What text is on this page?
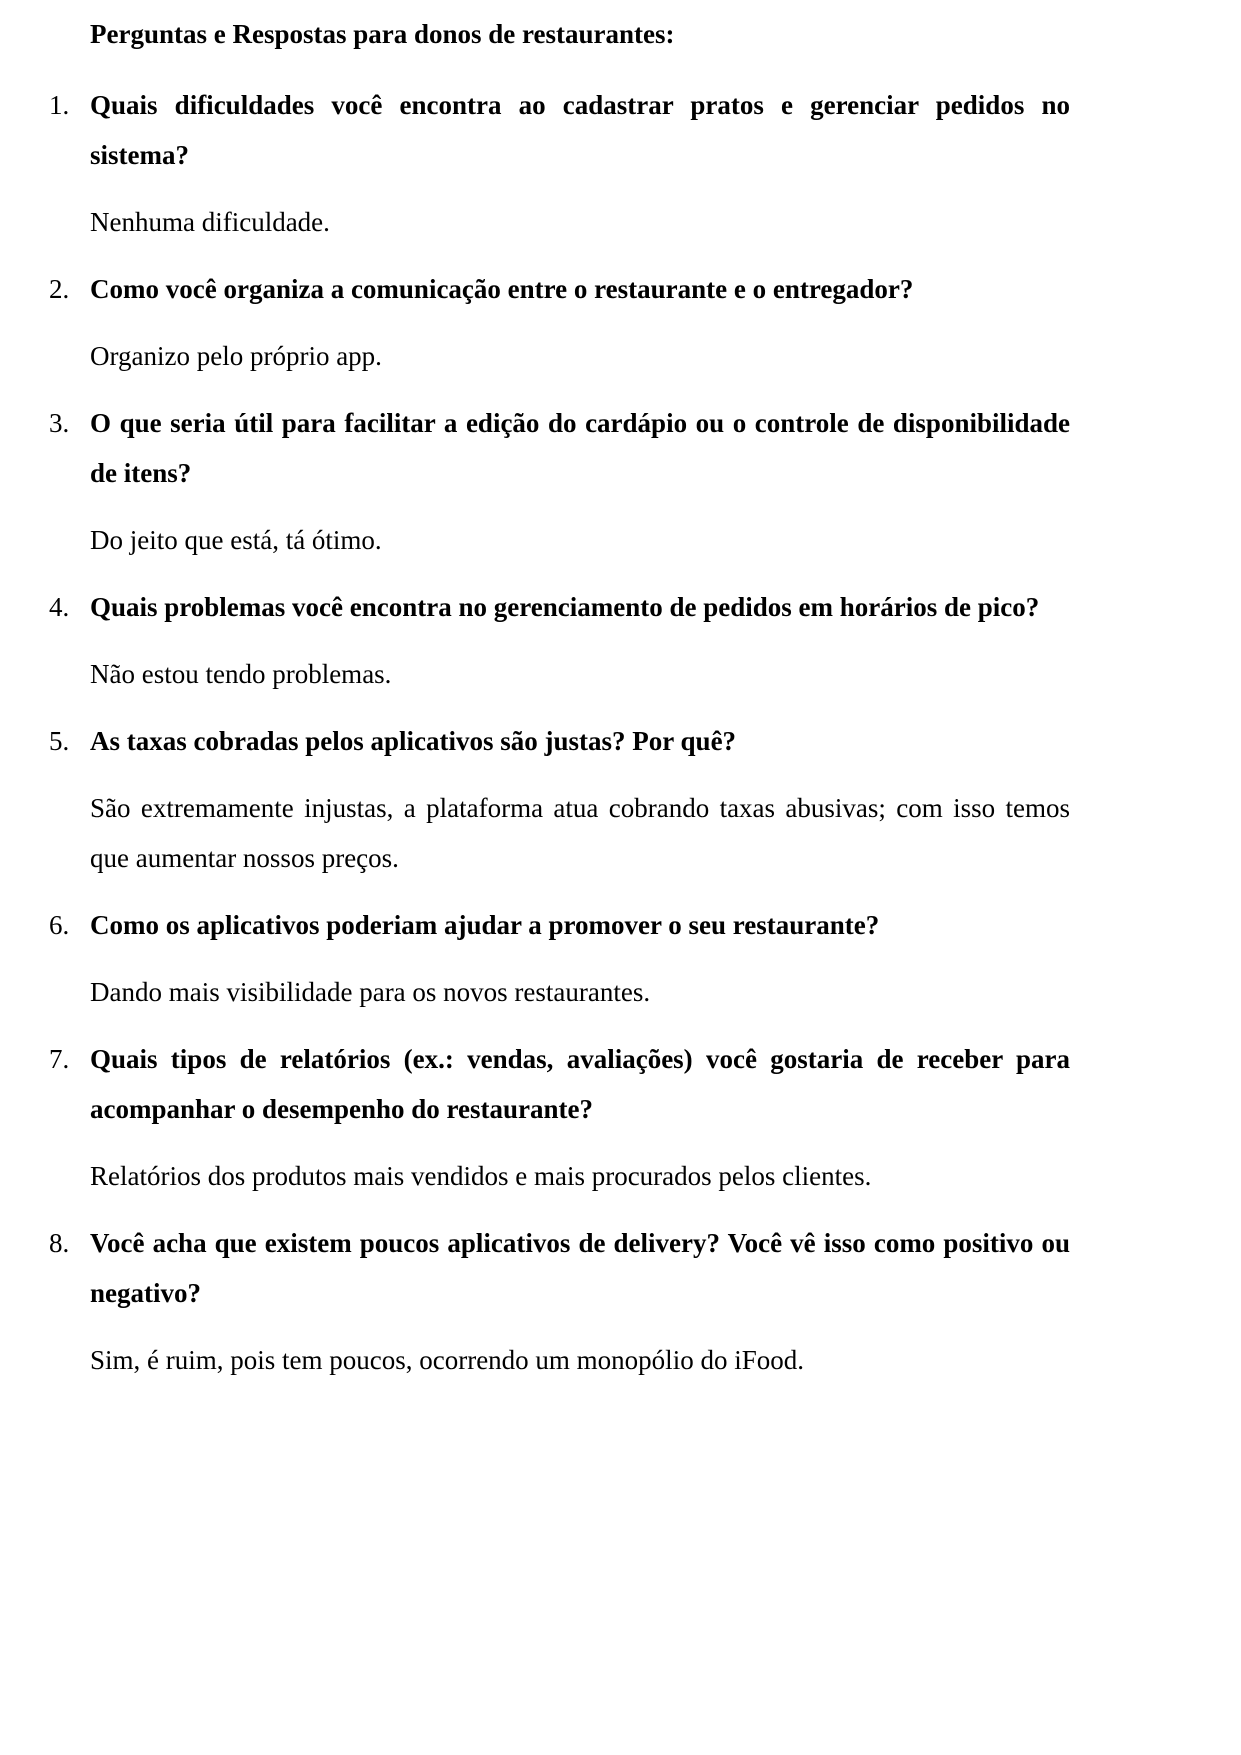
Perguntas e Respostas para donos de restaurantes:
1. Quais dificuldades você encontra ao cadastrar pratos e gerenciar pedidos no sistema?

Nenhuma dificuldade.

2. Como você organiza a comunicação entre o restaurante e o entregador?

Organizo pelo próprio app.

3. O que seria útil para facilitar a edição do cardápio ou o controle de disponibilidade de itens?

Do jeito que está, tá ótimo.

4. Quais problemas você encontra no gerenciamento de pedidos em horários de pico?

Não estou tendo problemas.

5. As taxas cobradas pelos aplicativos são justas? Por quê?

São extremamente injustas, a plataforma atua cobrando taxas abusivas; com isso temos que aumentar nossos preços.

6. Como os aplicativos poderiam ajudar a promover o seu restaurante?

Dando mais visibilidade para os novos restaurantes.

7. Quais tipos de relatórios (ex.: vendas, avaliações) você gostaria de receber para acompanhar o desempenho do restaurante?

Relatórios dos produtos mais vendidos e mais procurados pelos clientes.

8. Você acha que existem poucos aplicativos de delivery? Você vê isso como positivo ou negativo?

Sim, é ruim, pois tem poucos, ocorrendo um monopólio do iFood.
